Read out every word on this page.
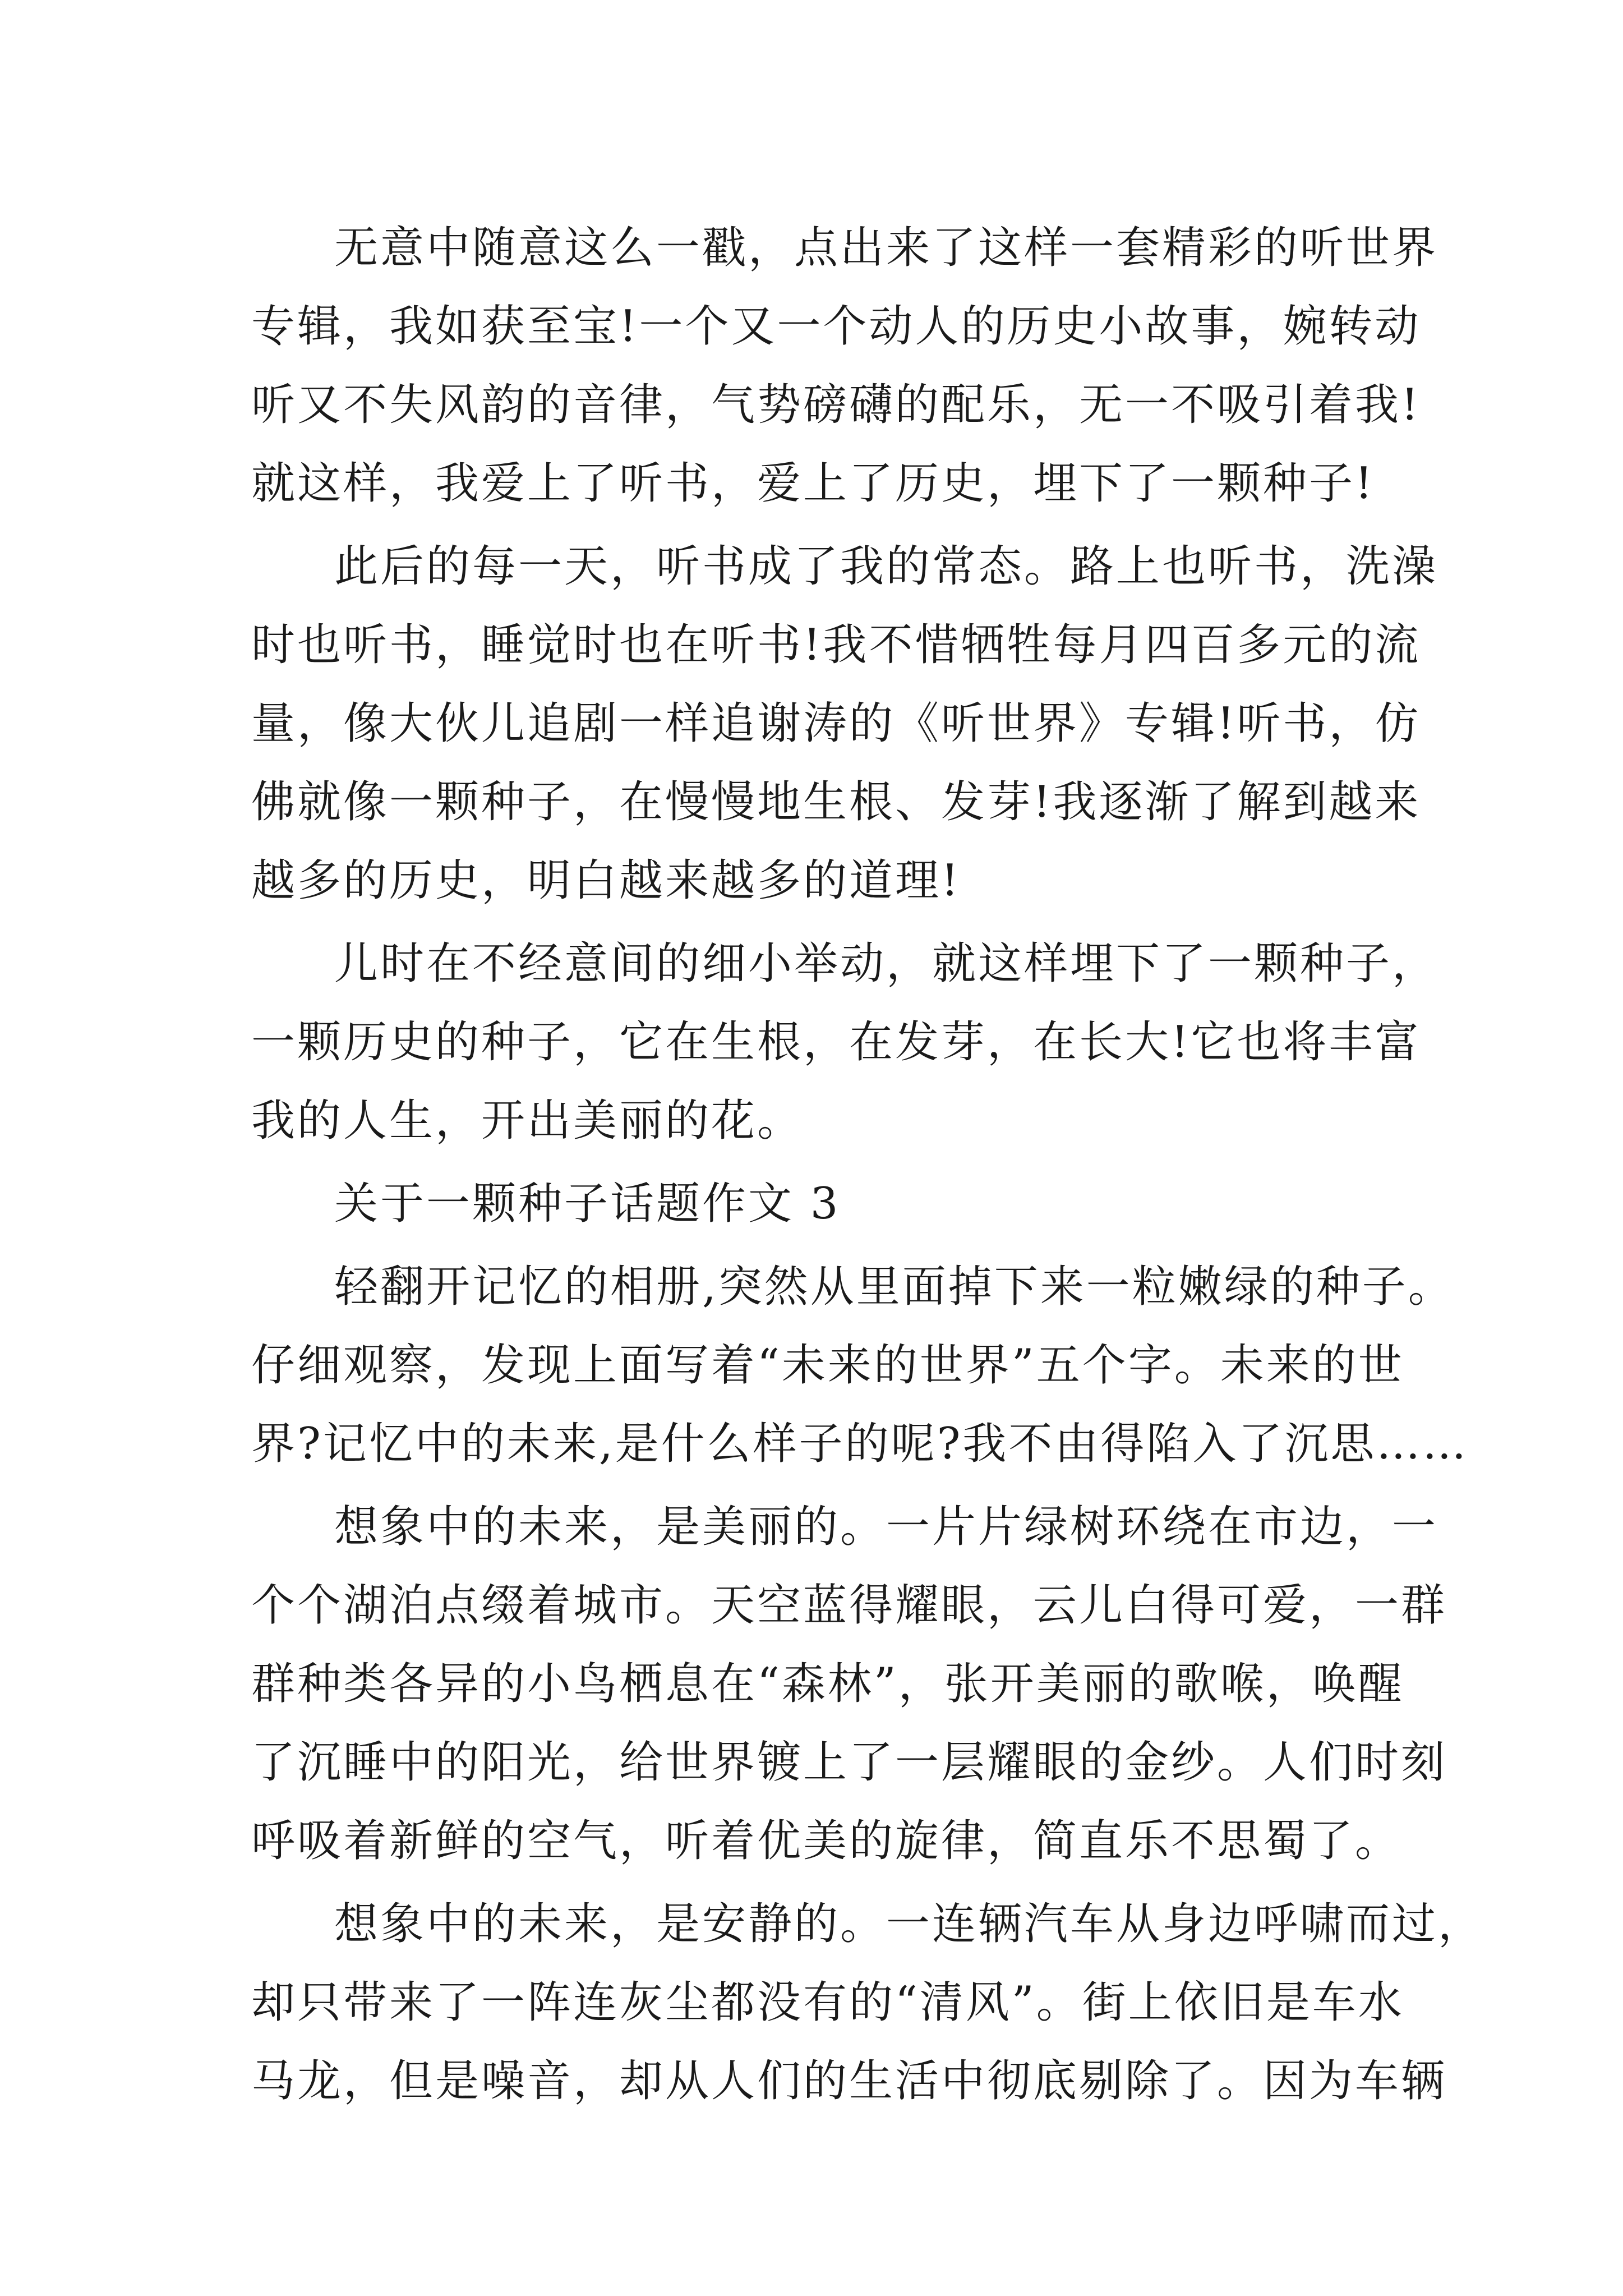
无意中随意这么一戳，点出来了这样一套精彩的听世界
专辑，我如获至宝!一个又一个动人的历史小故事，婉转动
听又不失风韵的音律，气势磅礴的配乐，无一不吸引着我!
就这样，我爱上了听书，爱上了历史，埋下了一颗种子!
此后的每一天，听书成了我的常态。路上也听书，洗澡
时也听书，睡觉时也在听书!我不惜牺牲每月四百多元的流
量，像大伙儿追剧一样追谢涛的《听世界》专辑!听书，仿
佛就像一颗种子，在慢慢地生根、发芽!我逐渐了解到越来
越多的历史，明白越来越多的道理!
儿时在不经意间的细小举动，就这样埋下了一颗种子，
一颗历史的种子，它在生根，在发芽，在长大!它也将丰富
我的人生，开出美丽的花。
关于一颗种子话题作文 3
轻翻开记忆的相册,突然从里面掉下来一粒嫩绿的种子。
仔细观察，发现上面写着“未来的世界”五个字。未来的世
界?记忆中的未来,是什么样子的呢?我不由得陷入了沉思……
想象中的未来，是美丽的。一片片绿树环绕在市边，一
个个湖泊点缀着城市。天空蓝得耀眼，云儿白得可爱，一群
群种类各异的小鸟栖息在“森林”，张开美丽的歌喉，唤醒
了沉睡中的阳光，给世界镀上了一层耀眼的金纱。人们时刻
呼吸着新鲜的空气，听着优美的旋律，简直乐不思蜀了。
想象中的未来，是安静的。一连辆汽车从身边呼啸而过，
却只带来了一阵连灰尘都没有的“清风”。街上依旧是车水
马龙，但是噪音，却从人们的生活中彻底剔除了。因为车辆
